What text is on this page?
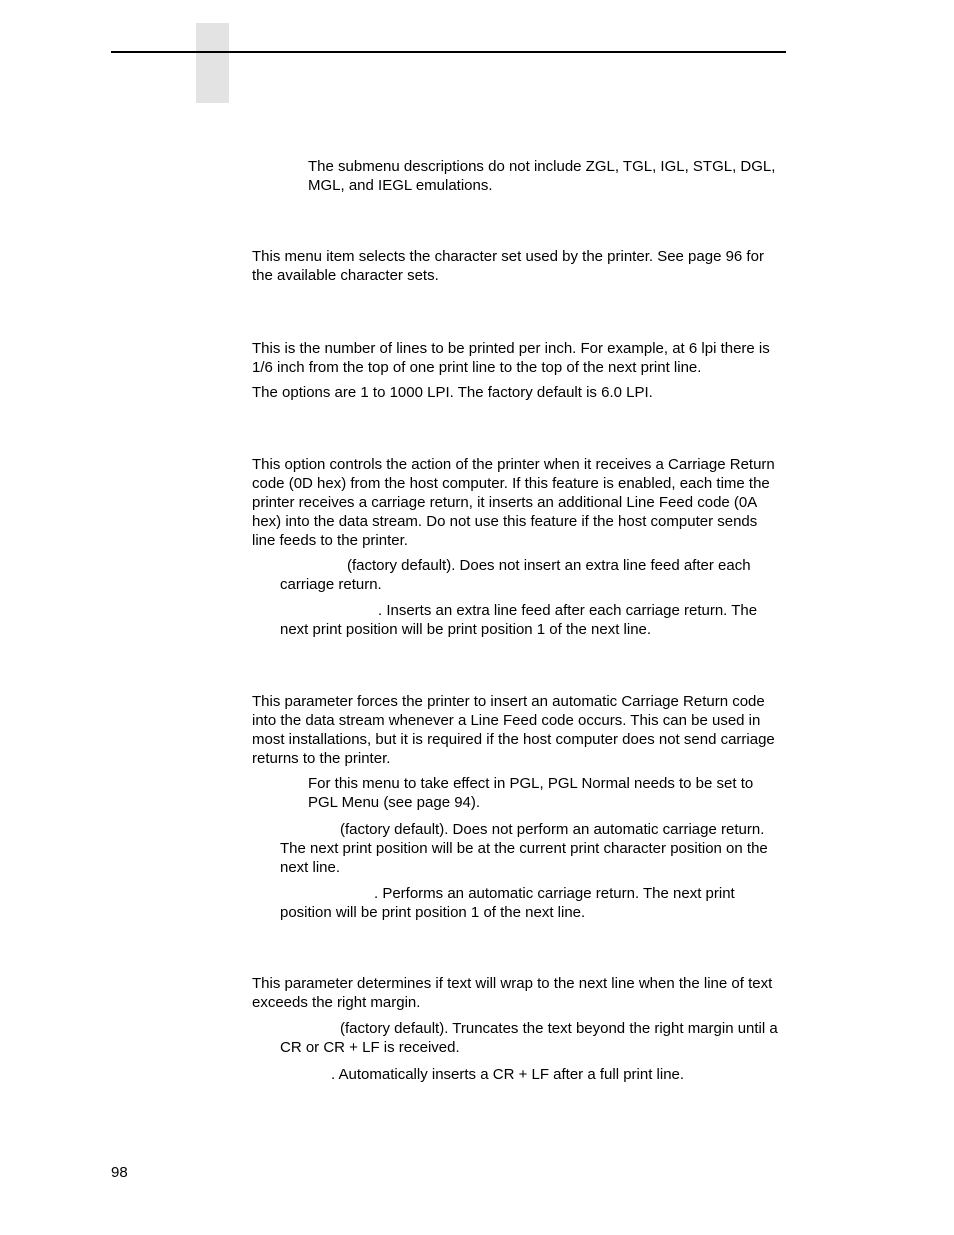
The submenu descriptions do not include ZGL, TGL, IGL, STGL, DGL, MGL, and IEGL emulations.

This menu item selects the character set used by the printer. See page 96 for the available character sets.

This is the number of lines to be printed per inch. For example, at 6 lpi there is 1/6 inch from the top of one print line to the top of the next print line.

The options are 1 to 1000 LPI. The factory default is 6.0 LPI.

This option controls the action of the printer when it receives a Carriage Return code (0D hex) from the host computer. If this feature is enabled, each time the printer receives a carriage return, it inserts an additional Line Feed code (0A hex) into the data stream. Do not use this feature if the host computer sends line feeds to the printer.

(factory default). Does not insert an extra line feed after each carriage return.

. Inserts an extra line feed after each carriage return. The next print position will be print position 1 of the next line.

This parameter forces the printer to insert an automatic Carriage Return code into the data stream whenever a Line Feed code occurs. This can be used in most installations, but it is required if the host computer does not send carriage returns to the printer.

For this menu to take effect in PGL, PGL Normal needs to be set to PGL Menu (see page 94).

(factory default). Does not perform an automatic carriage return. The next print position will be at the current print character position on the next line.

. Performs an automatic carriage return. The next print position will be print position 1 of the next line.

This parameter determines if text will wrap to the next line when the line of text exceeds the right margin.

(factory default). Truncates the text beyond the right margin until a CR or CR + LF is received.

. Automatically inserts a CR + LF after a full print line.

98
